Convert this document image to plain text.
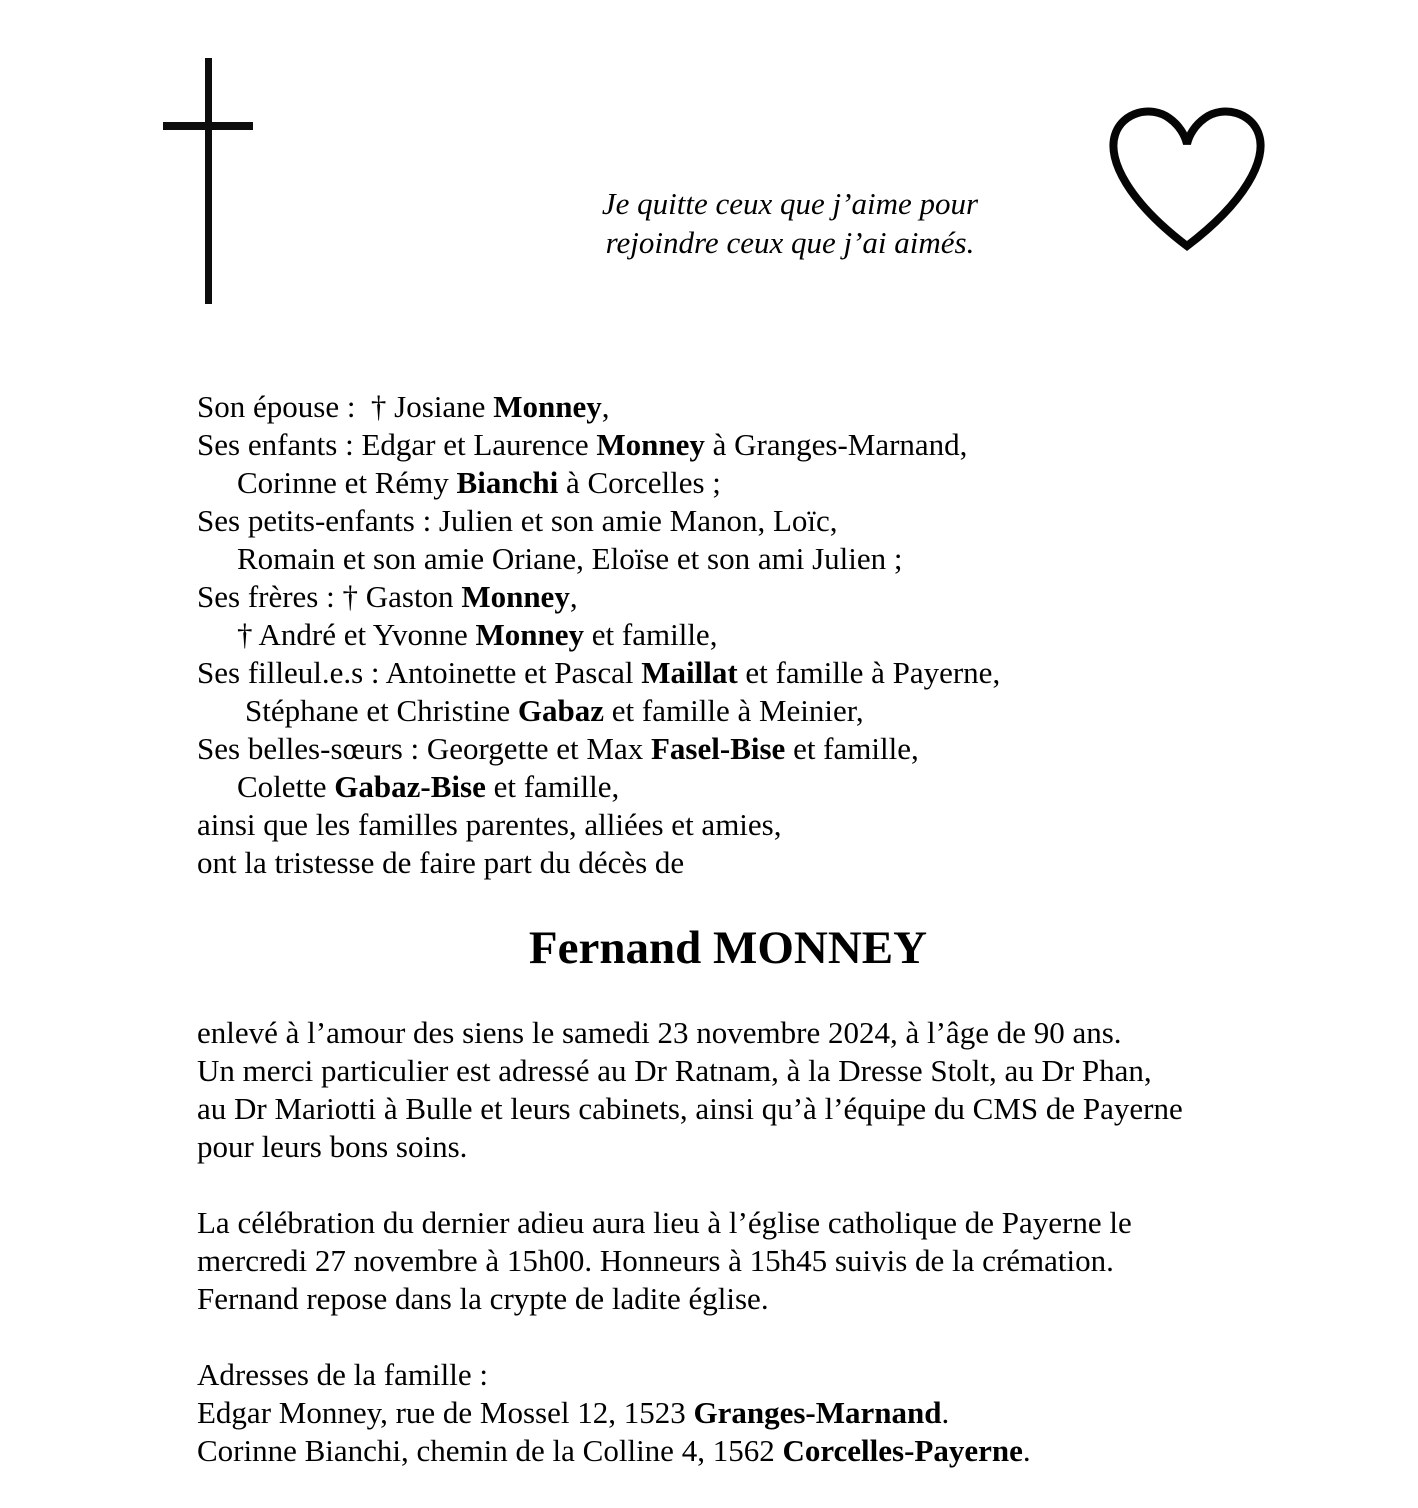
Je quitte ceux que j’aime pour
rejoindre ceux que j’ai aimés.
Son épouse :  † Josiane Monney,
Ses enfants : Edgar et Laurence Monney à Granges-Marnand,
Corinne et Rémy Bianchi à Corcelles ;
Ses petits-enfants : Julien et son amie Manon, Loïc,
Romain et son amie Oriane, Eloïse et son ami Julien ;
Ses frères : † Gaston Monney,
† André et Yvonne Monney et famille,
Ses filleul.e.s : Antoinette et Pascal Maillat et famille à Payerne,
Stéphane et Christine Gabaz et famille à Meinier,
Ses belles-sœurs : Georgette et Max Fasel-Bise et famille,
Colette Gabaz-Bise et famille,
ainsi que les familles parentes, alliées et amies,
ont la tristesse de faire part du décès de
Fernand MONNEY
enlevé à l’amour des siens le samedi 23 novembre 2024, à l’âge de 90 ans.
Un merci particulier est adressé au Dr Ratnam, à la Dresse Stolt, au Dr Phan,
au Dr Mariotti à Bulle et leurs cabinets, ainsi qu’à l’équipe du CMS de Payerne
pour leurs bons soins.
La célébration du dernier adieu aura lieu à l’église catholique de Payerne le
mercredi 27 novembre à 15h00. Honneurs à 15h45 suivis de la crémation.
Fernand repose dans la crypte de ladite église.
Adresses de la famille :
Edgar Monney, rue de Mossel 12, 1523 Granges-Marnand.
Corinne Bianchi, chemin de la Colline 4, 1562 Corcelles-Payerne.
